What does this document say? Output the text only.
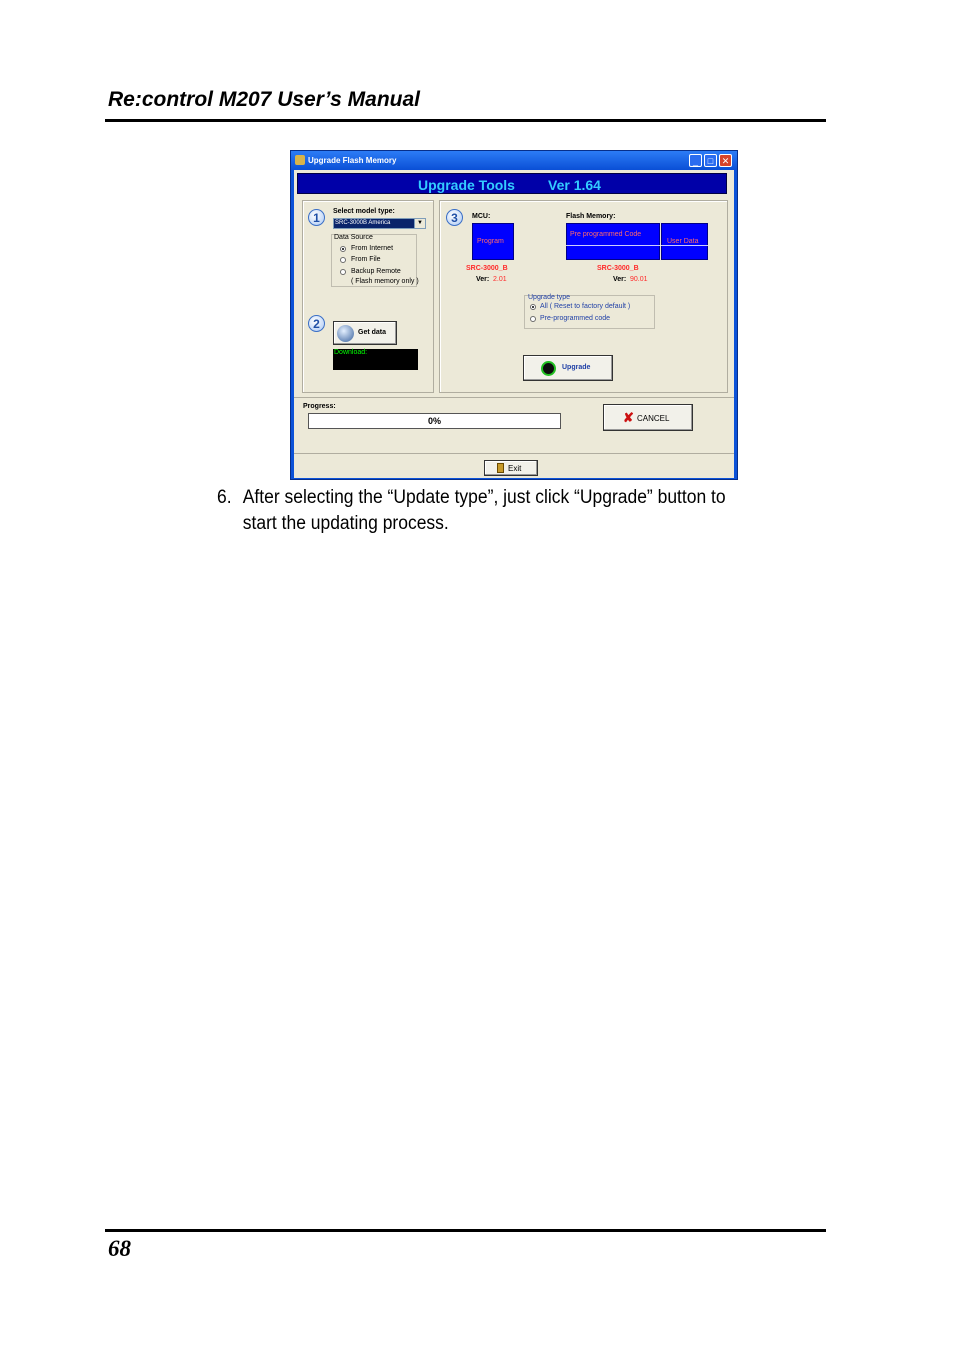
Re:control M207 User’s Manual
Upgrade Flash Memory	_	□ ✕
Upgrade Tools Ver 1.64
1	Select model type:
SRC-3000B America	▼
Data Source
From Internet
From File
Backup Remote
( Flash memory only )
2
Get data
Download:
3	MCU:
Program
SRC-3000_B
Ver: 2.01
Flash Memory:
Pre programmed Code
User Data
SRC-3000_B
Ver: 90.01
Upgrade type
All ( Reset to factory default )
Pre-programmed code
Upgrade
Progress:
0%	✘ CANCEL
Exit
6. After selecting the “Update type”, just click “Upgrade” button to start the updating process.
68
